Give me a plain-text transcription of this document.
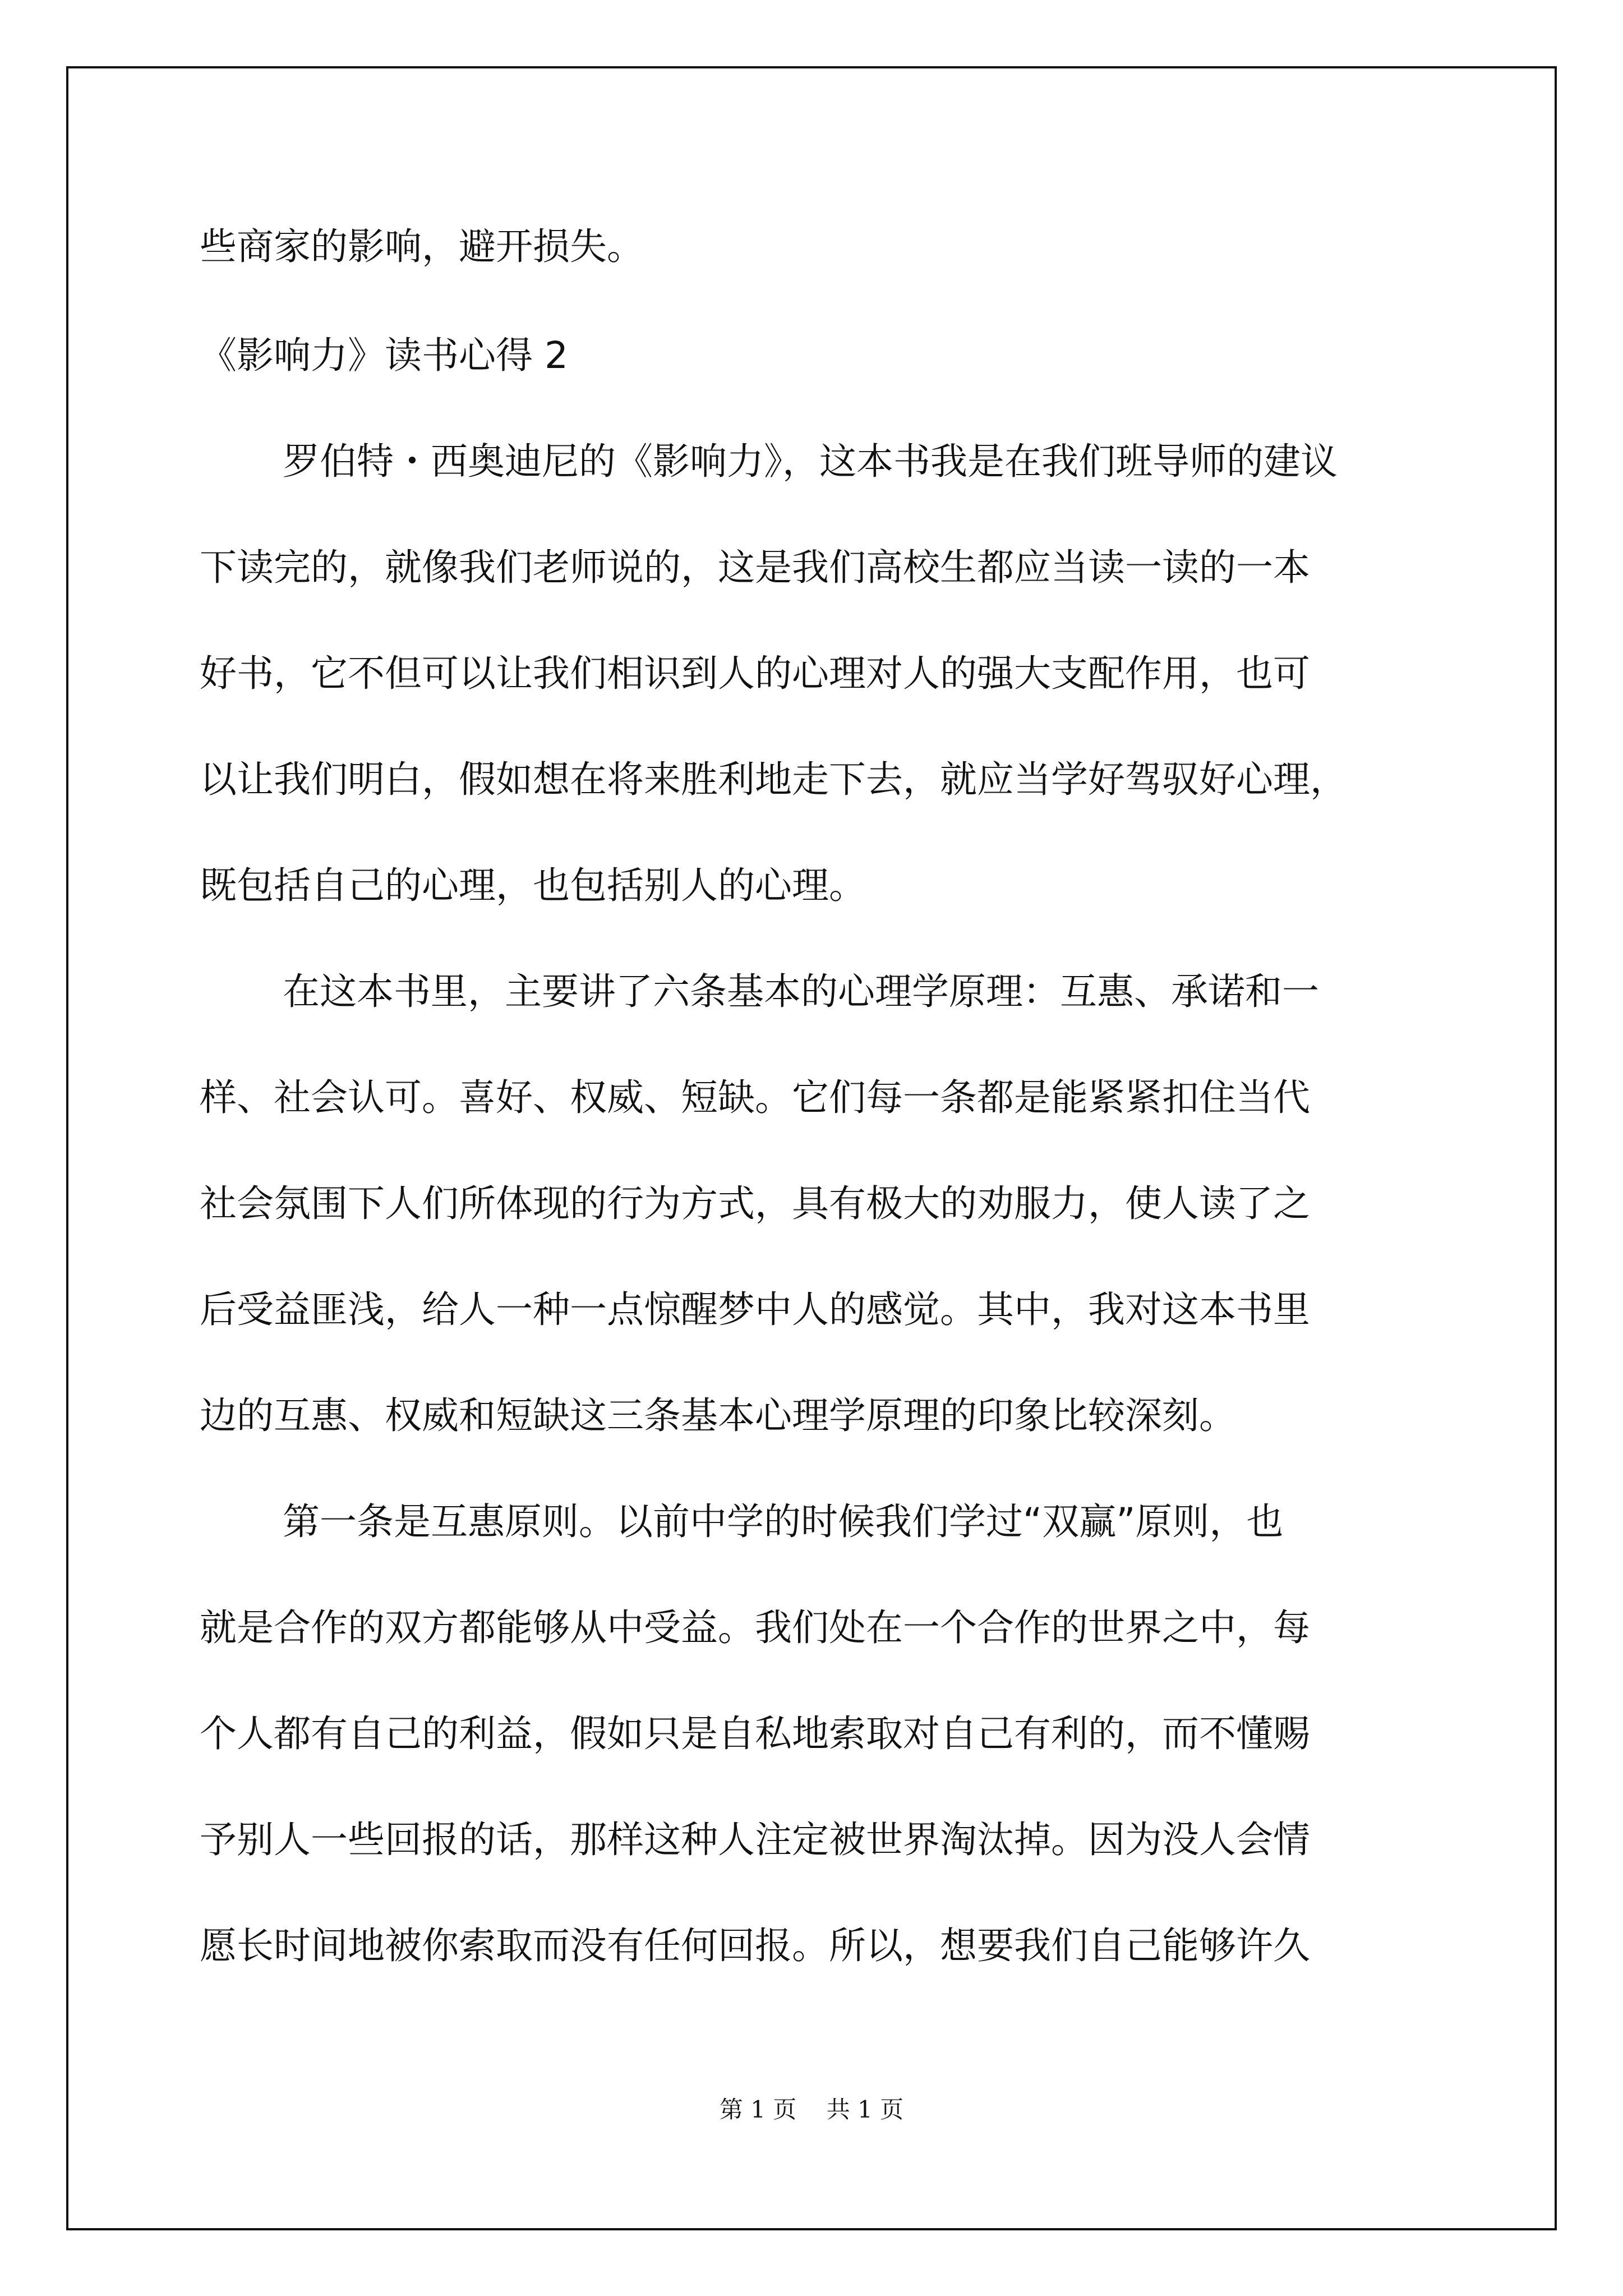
些商家的影响，避开损失。
《影响力》读书心得 2
罗伯特・西奥迪尼的《影响力》，这本书我是在我们班导师的建议
下读完的，就像我们老师说的，这是我们高校生都应当读一读的一本
好书，它不但可以让我们相识到人的心理对人的强大支配作用，也可
以让我们明白，假如想在将来胜利地走下去，就应当学好驾驭好心理，
既包括自己的心理，也包括别人的心理。
在这本书里，主要讲了六条基本的心理学原理：互惠、承诺和一
样、社会认可。喜好、权威、短缺。它们每一条都是能紧紧扣住当代
社会氛围下人们所体现的行为方式，具有极大的劝服力，使人读了之
后受益匪浅，给人一种一点惊醒梦中人的感觉。其中，我对这本书里
边的互惠、权威和短缺这三条基本心理学原理的印象比较深刻。
第一条是互惠原则。以前中学的时候我们学过“双赢”原则，也
就是合作的双方都能够从中受益。我们处在一个合作的世界之中，每
个人都有自己的利益，假如只是自私地索取对自己有利的，而不懂赐
予别人一些回报的话，那样这种人注定被世界淘汰掉。因为没人会情
愿长时间地被你索取而没有任何回报。所以，想要我们自己能够许久
第 1 页    共 1 页
